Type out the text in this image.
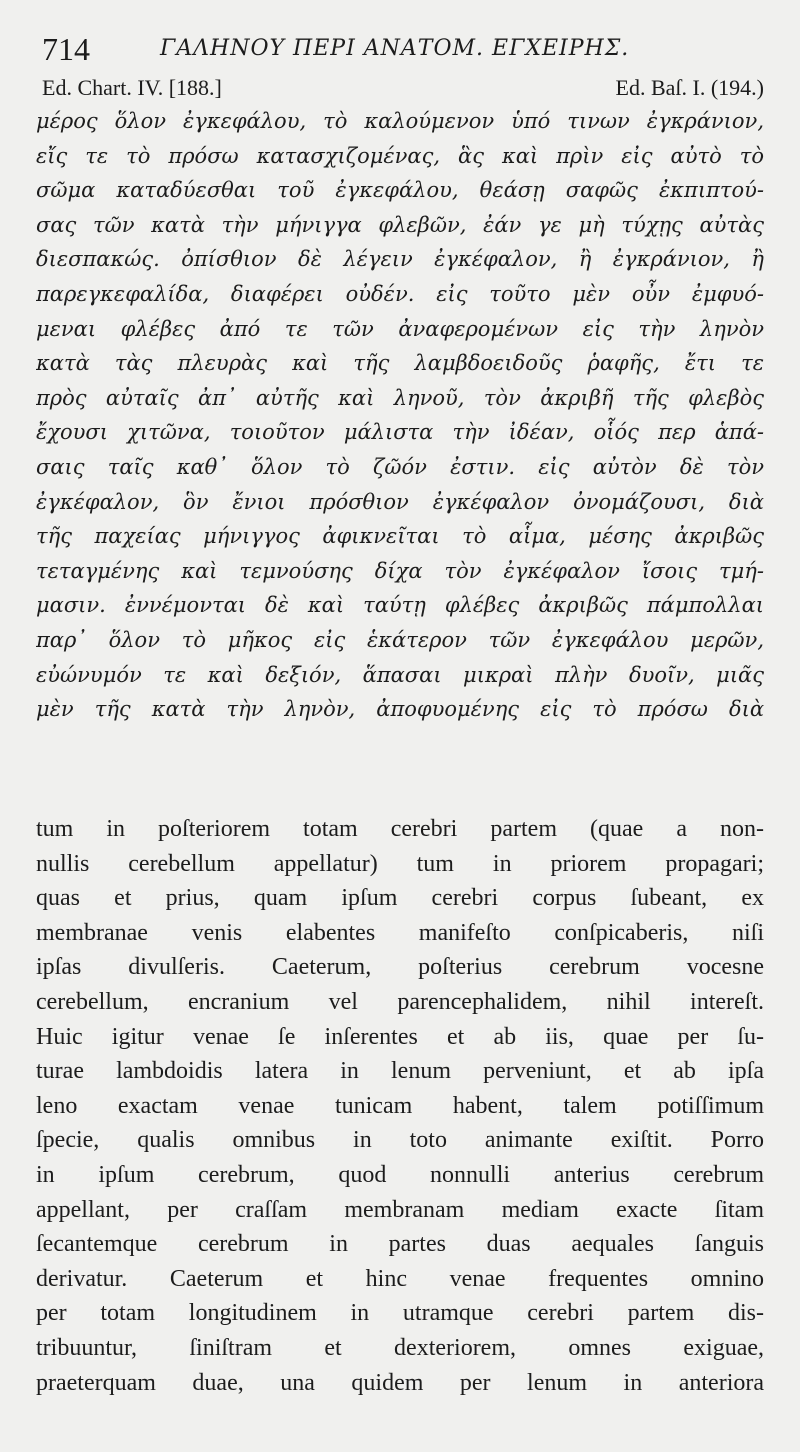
714	ΓΑΛΗΝΟΥ ΠΕΡΙ ΑΝΑΤΟΜ. ΕΓΧΕΙΡΗΣ.
Ed. Chart. IV. [188.]	Ed. Baſ. I. (194.)
μέρος ὅλον ἐγκεφάλου, τὸ καλούμενον ὑπό τινων ἐγκράνιον,
εἴς τε τὸ πρόσω κατασχιζομένας, ἃς καὶ πρὶν εἰς αὐτὸ τὸ
σῶμα καταδύεσθαι τοῦ ἐγκεφάλου, θεάσῃ σαφῶς ἐκπιπτού-
σας τῶν κατὰ τὴν μήνιγγα φλεβῶν, ἐάν γε μὴ τύχῃς αὐτὰς
διεσπακώς. ὀπίσθιον δὲ λέγειν ἐγκέφαλον, ἢ ἐγκράνιον, ἢ
παρεγκεφαλίδα, διαφέρει οὐδέν. εἰς τοῦτο μὲν οὖν ἐμφυό-
μεναι φλέβες ἀπό τε τῶν ἀναφερομένων εἰς τὴν ληνὸν
κατὰ τὰς πλευρὰς καὶ τῆς λαμβδοειδοῦς ῥαφῆς, ἔτι τε
πρὸς αὐταῖς ἀπ᾽ αὐτῆς καὶ ληνοῦ, τὸν ἀκριβῆ τῆς φλεβὸς
ἔχουσι χιτῶνα, τοιοῦτον μάλιστα τὴν ἰδέαν, οἷός περ ἁπά-
σαις ταῖς καθ᾽ ὅλον τὸ ζῶόν ἐστιν. εἰς αὐτὸν δὲ τὸν
ἐγκέφαλον, ὃν ἔνιοι πρόσθιον ἐγκέφαλον ὀνομάζουσι, διὰ
τῆς παχείας μήνιγγος ἀφικνεῖται τὸ αἷμα, μέσης ἀκριβῶς
τεταγμένης καὶ τεμνούσης δίχα τὸν ἐγκέφαλον ἴσοις τμή-
μασιν. ἐννέμονται δὲ καὶ ταύτῃ φλέβες ἀκριβῶς πάμπολλαι
παρ᾽ ὅλον τὸ μῆκος εἰς ἑκάτερον τῶν ἐγκεφάλου μερῶν,
εὐώνυμόν τε καὶ δεξιόν, ἅπασαι μικραὶ πλὴν δυοῖν, μιᾶς
μὲν τῆς κατὰ τὴν ληνὸν, ἀποφυομένης εἰς τὸ πρόσω διὰ
tum in poſteriorem totam cerebri partem (quae a non-
nullis cerebellum appellatur) tum in priorem propagari;
quas et prius, quam ipſum cerebri corpus ſubeant, ex
membranae venis elabentes manifeſto conſpicaberis, niſi
ipſas divulſeris. Caeterum, poſterius cerebrum vocesne
cerebellum, encranium vel parencephalidem, nihil intereſt.
Huic igitur venae ſe inſerentes et ab iis, quae per ſu-
turae lambdoidis latera in lenum perveniunt, et ab ipſa
leno exactam venae tunicam habent, talem potiſſimum
ſpecie, qualis omnibus in toto animante exiſtit. Porro
in ipſum cerebrum, quod nonnulli anterius cerebrum
appellant, per craſſam membranam mediam exacte ſitam
ſecantemque cerebrum in partes duas aequales ſanguis
derivatur. Caeterum et hinc venae frequentes omnino
per totam longitudinem in utramque cerebri partem dis-
tribuuntur, ſiniſtram et dexteriorem, omnes exiguae,
praeterquam duae, una quidem per lenum in anteriora
